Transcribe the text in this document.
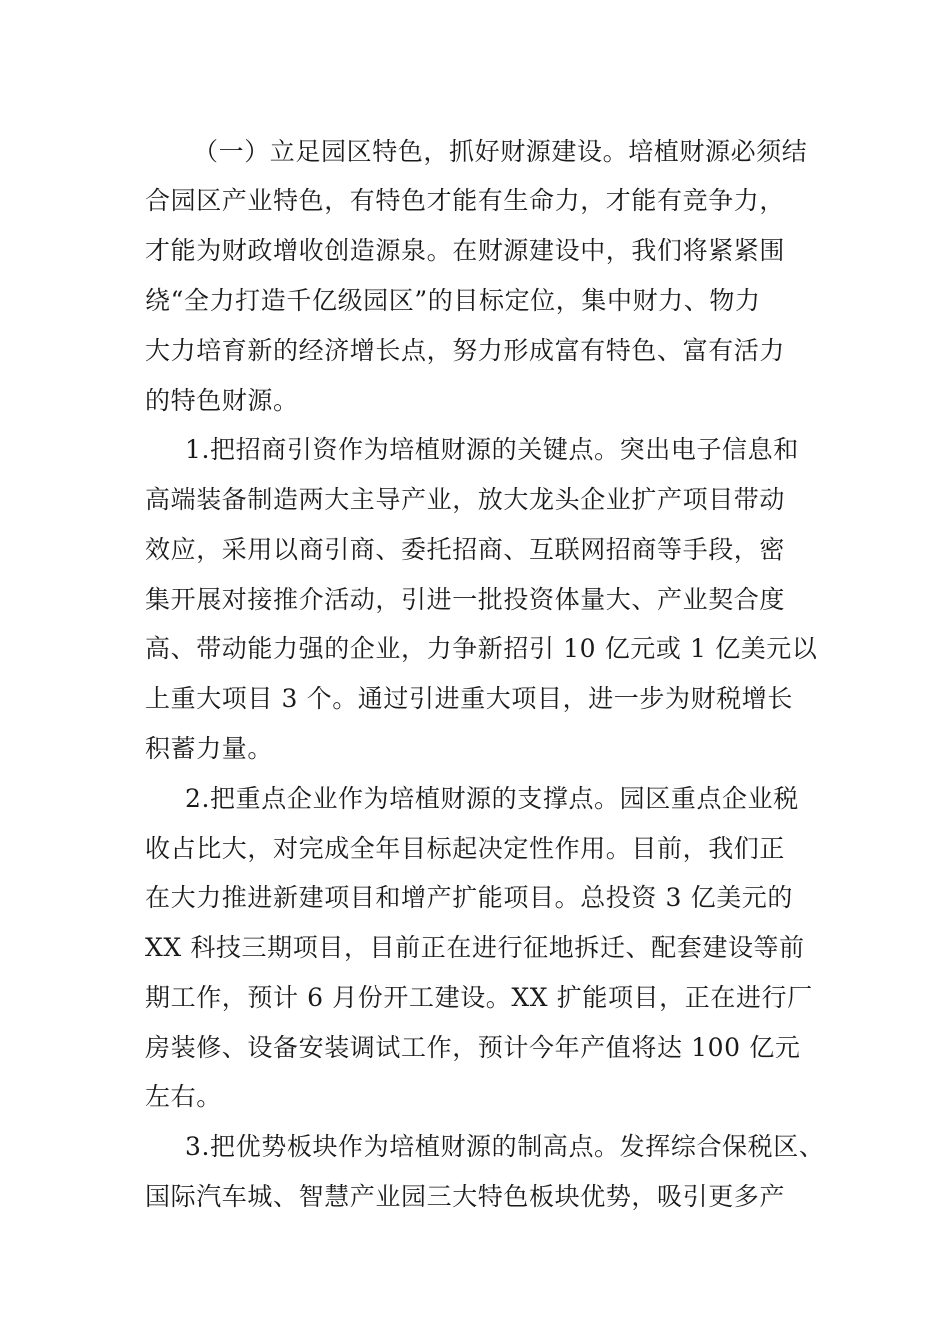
（一）立足园区特色，抓好财源建设。培植财源必须结
合园区产业特色，有特色才能有生命力，才能有竞争力，
才能为财政增收创造源泉。在财源建设中，我们将紧紧围
绕“全力打造千亿级园区”的目标定位，集中财力、物力
大力培育新的经济增长点，努力形成富有特色、富有活力
的特色财源。
1.把招商引资作为培植财源的关键点。突出电子信息和
高端装备制造两大主导产业，放大龙头企业扩产项目带动
效应，采用以商引商、委托招商、互联网招商等手段，密
集开展对接推介活动，引进一批投资体量大、产业契合度
高、带动能力强的企业，力争新招引 10 亿元或 1 亿美元以
上重大项目 3 个。通过引进重大项目，进一步为财税增长
积蓄力量。
2.把重点企业作为培植财源的支撑点。园区重点企业税
收占比大，对完成全年目标起决定性作用。目前，我们正
在大力推进新建项目和增产扩能项目。总投资 3 亿美元的
XX 科技三期项目，目前正在进行征地拆迁、配套建设等前
期工作，预计 6 月份开工建设。XX 扩能项目，正在进行厂
房装修、设备安装调试工作，预计今年产值将达 100 亿元
左右。
3.把优势板块作为培植财源的制高点。发挥综合保税区、
国际汽车城、智慧产业园三大特色板块优势，吸引更多产
